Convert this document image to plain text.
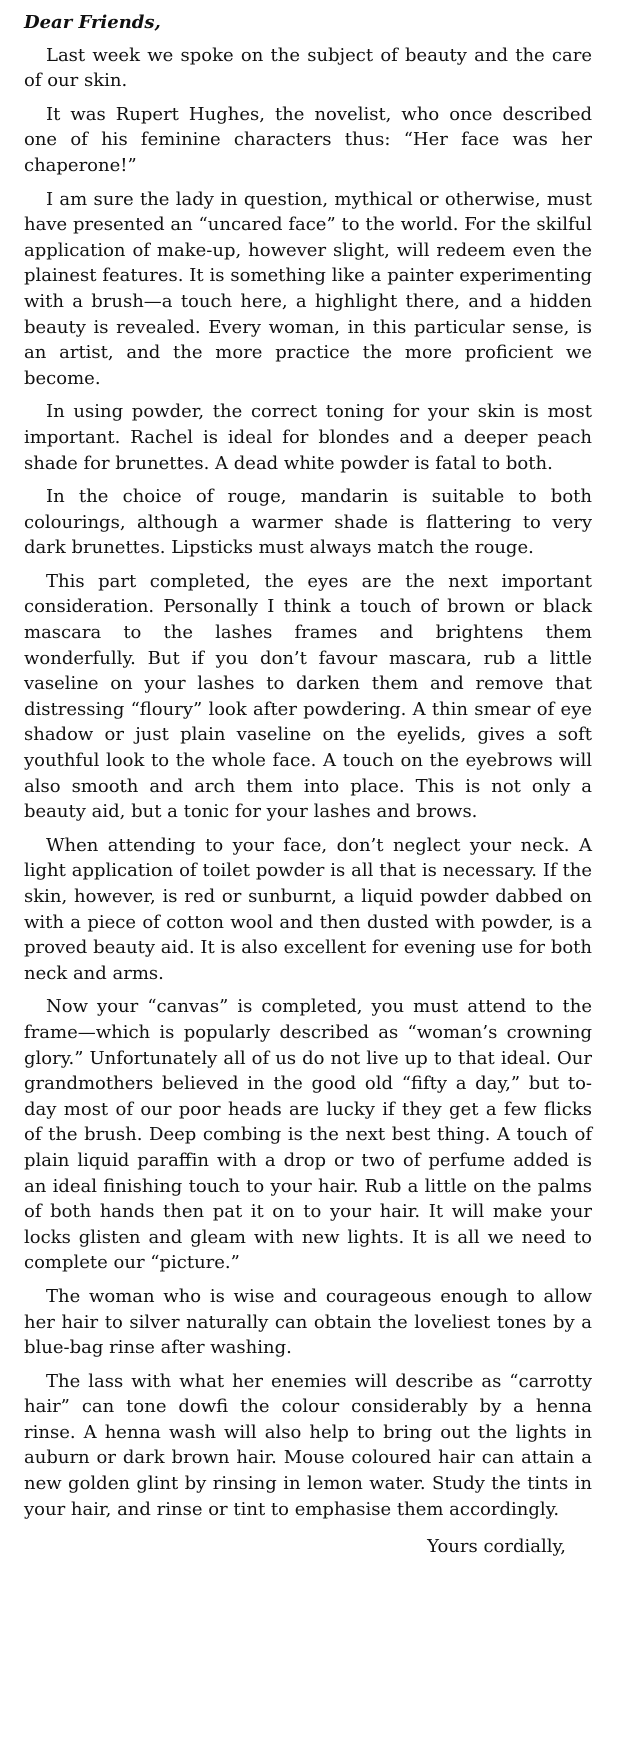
Dear Friends,

Last week we spoke on the subject of beauty and the care of our skin.

It was Rupert Hughes, the novelist, who once described one of his feminine characters thus: “Her face was her chaperone!”

I am sure the lady in question, mythical or otherwise, must have presented an “uncared face” to the world. For the skilful application of make-up, however slight, will redeem even the plainest features. It is something like a painter experimenting with a brush—a touch here, a highlight there, and a hidden beauty is revealed. Every woman, in this particular sense, is an artist, and the more practice the more proficient we become.

In using powder, the correct toning for your skin is most important. Rachel is ideal for blondes and a deeper peach shade for brunettes. A dead white powder is fatal to both.

In the choice of rouge, mandarin is suitable to both colourings, although a warmer shade is flattering to very dark brunettes. Lipsticks must always match the rouge.

This part completed, the eyes are the next important consideration. Personally I think a touch of brown or black mascara to the lashes frames and brightens them wonderfully. But if you don’t favour mascara, rub a little vaseline on your lashes to darken them and remove that distressing “floury” look after powdering. A thin smear of eye shadow or just plain vaseline on the eyelids, gives a soft youthful look to the whole face. A touch on the eyebrows will also smooth and arch them into place. This is not only a beauty aid, but a tonic for your lashes and brows.

When attending to your face, don’t neglect your neck. A light application of toilet powder is all that is necessary. If the skin, however, is red or sunburnt, a liquid powder dabbed on with a piece of cotton wool and then dusted with powder, is a proved beauty aid. It is also excellent for evening use for both neck and arms.

Now your “canvas” is completed, you must attend to the frame—which is popularly described as “woman’s crowning glory.” Unfortunately all of us do not live up to that ideal. Our grandmothers believed in the good old “fifty a day,” but to-day most of our poor heads are lucky if they get a few flicks of the brush. Deep combing is the next best thing. A touch of plain liquid paraffin with a drop or two of perfume added is an ideal finishing touch to your hair. Rub a little on the palms of both hands then pat it on to your hair. It will make your locks glisten and gleam with new lights. It is all we need to complete our “picture.”

The woman who is wise and courageous enough to allow her hair to silver naturally can obtain the loveliest tones by a blue-bag rinse after washing.

The lass with what her enemies will describe as “carrotty hair” can tone dowfi the colour considerably by a henna rinse. A henna wash will also help to bring out the lights in auburn or dark brown hair. Mouse coloured hair can attain a new golden glint by rinsing in lemon water. Study the tints in your hair, and rinse or tint to emphasise them accordingly.

Yours cordially,
